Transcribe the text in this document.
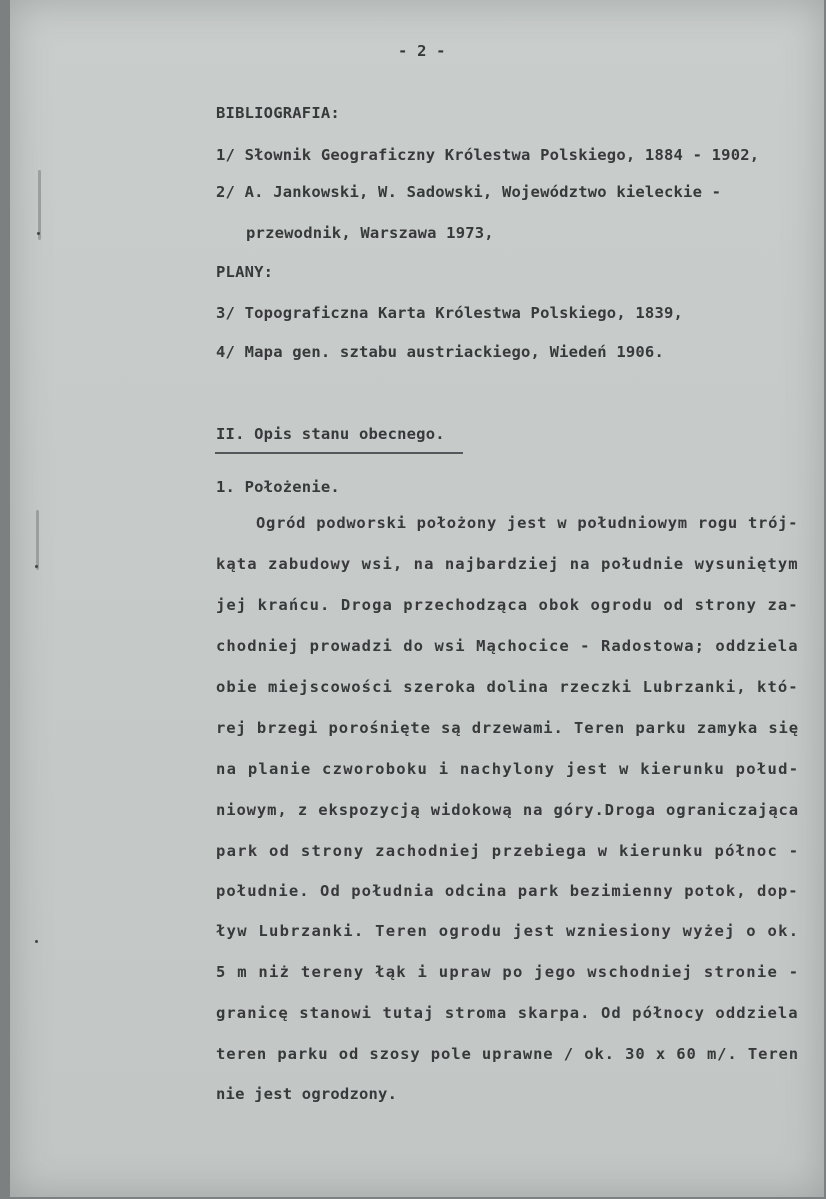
- 2 -
BIBLIOGRAFIA:
1/ Słownik Geograficzny Królestwa Polskiego, 1884 - 1902,
2/ A. Jankowski, W. Sadowski, Województwo kieleckie -
przewodnik, Warszawa 1973,
PLANY:
3/ Topograficzna Karta Królestwa Polskiego, 1839,
4/ Mapa gen. sztabu austriackiego, Wiedeń 1906.
II. Opis stanu obecnego.
1. Położenie.
Ogród podworski położony jest w południowym rogu trój-
kąta zabudowy wsi, na najbardziej na południe wysuniętym
jej krańcu. Droga przechodząca obok ogrodu od strony za-
chodniej prowadzi do wsi Mąchocice - Radostowa; oddziela
obie miejscowości szeroka dolina rzeczki Lubrzanki, któ-
rej brzegi porośnięte są drzewami. Teren parku zamyka się
na planie czworoboku i nachylony jest w kierunku połud-
niowym, z ekspozycją widokową na góry.Droga ograniczająca
park od strony zachodniej przebiega w kierunku północ -
południe. Od południa odcina park bezimienny potok, dop-
ływ Lubrzanki. Teren ogrodu jest wzniesiony wyżej o ok.
5 m niż tereny łąk i upraw po jego wschodniej stronie -
granicę stanowi tutaj stroma skarpa. Od północy oddziela
teren parku od szosy pole uprawne / ok. 30 x 60 m/. Teren
nie jest ogrodzony.
